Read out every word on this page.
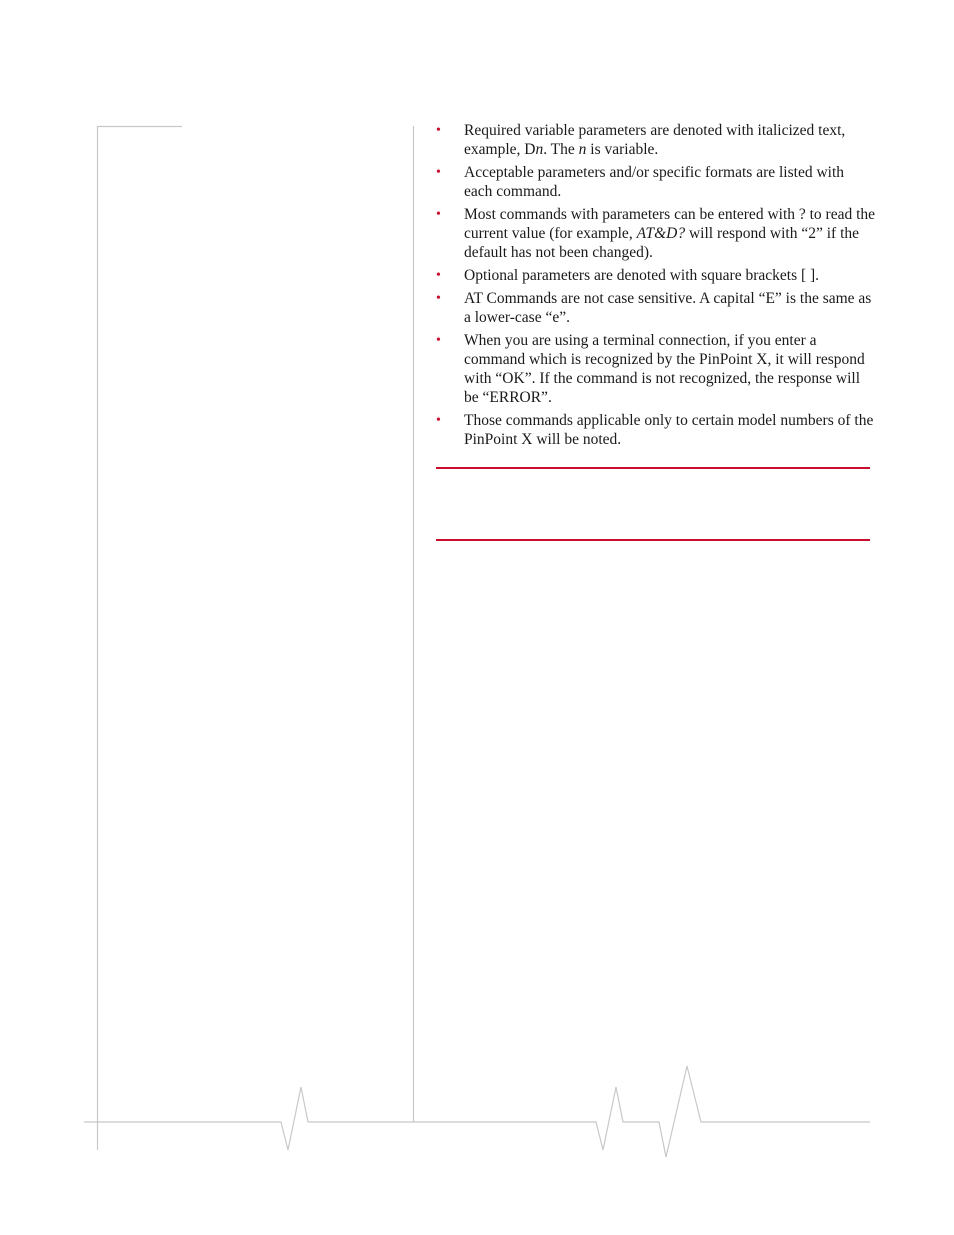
• Required variable parameters are denoted with italicized text, example, Dn. The n is variable.
• Acceptable parameters and/or specific formats are listed with each command.
• Most commands with parameters can be entered with ? to read the current value (for example, AT&D? will respond with “2” if the default has not been changed).
• Optional parameters are denoted with square brackets [ ].
• AT Commands are not case sensitive. A capital “E” is the same as a lower-case “e”.
• When you are using a terminal connection, if you enter a command which is recognized by the PinPoint X, it will respond with “OK”. If the command is not recognized, the response will be “ERROR”.
• Those commands applicable only to certain model numbers of the PinPoint X will be noted.
